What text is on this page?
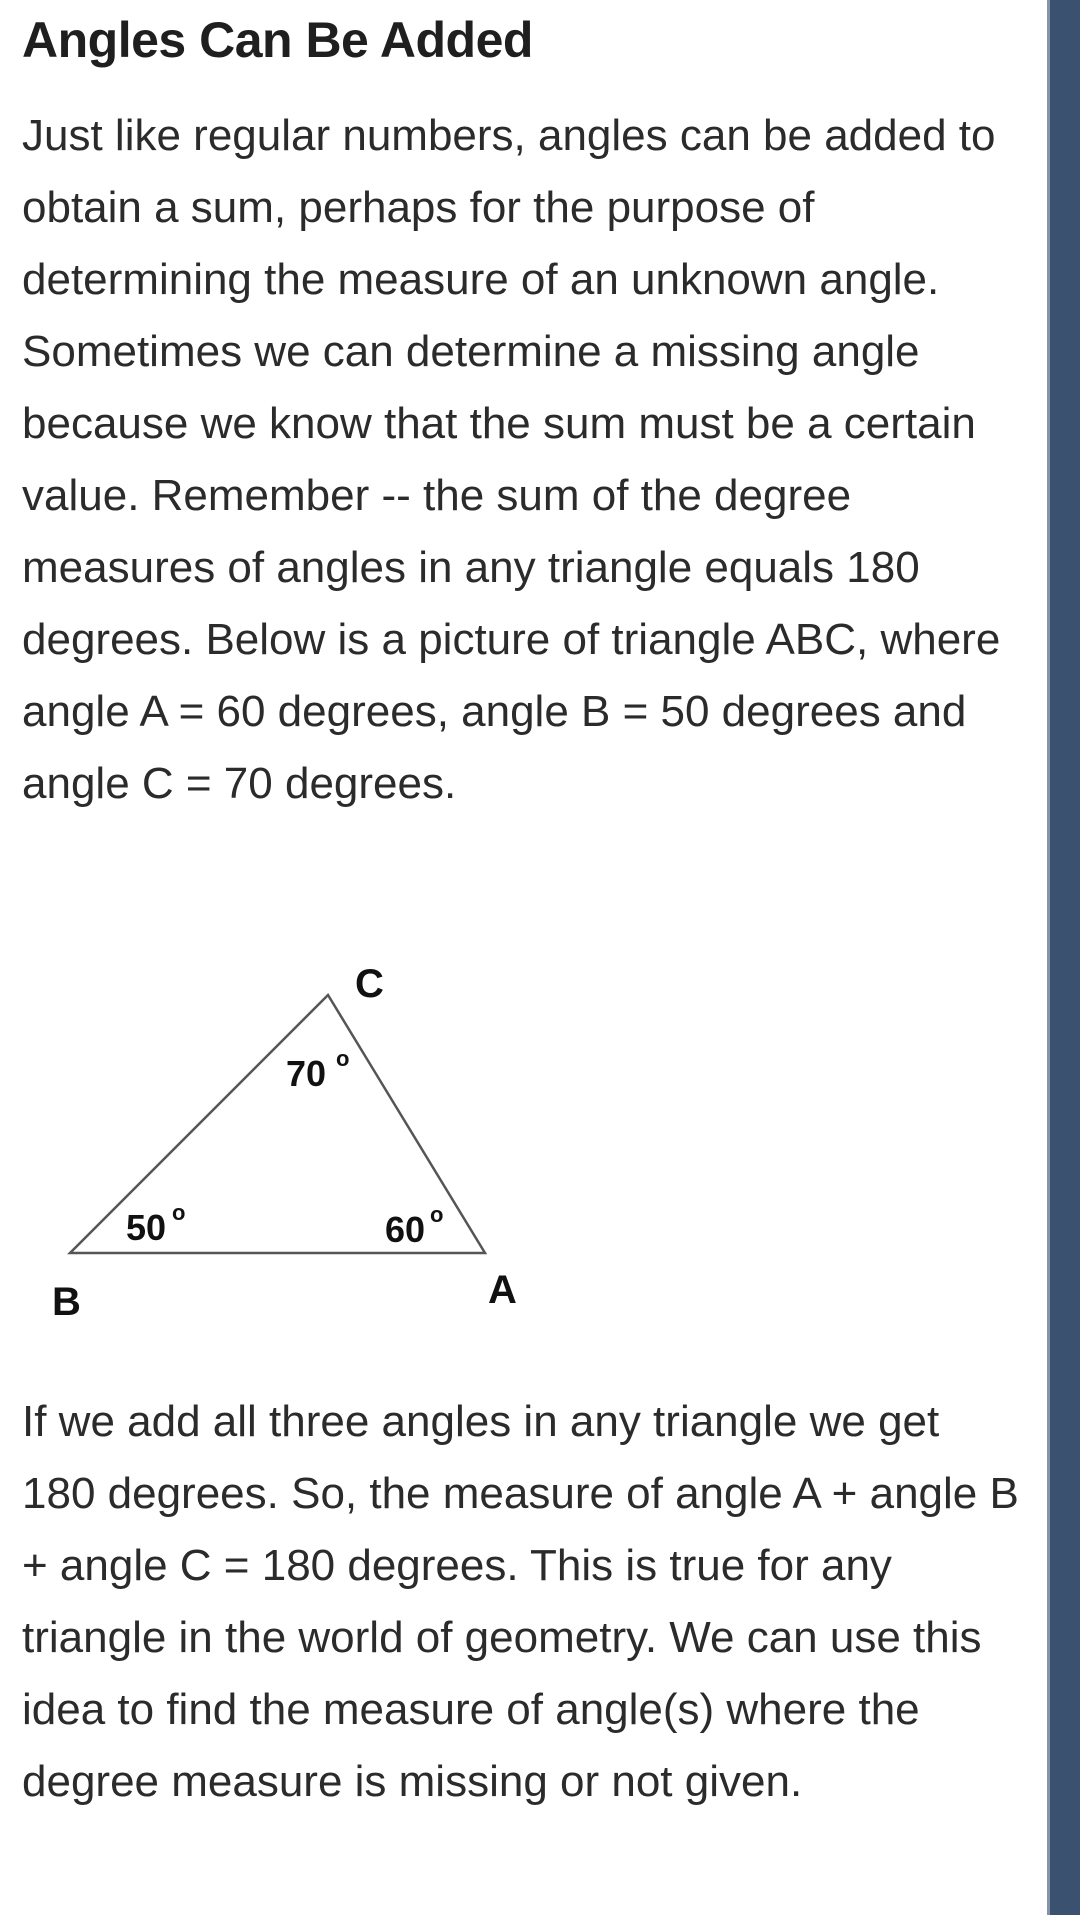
Angles Can Be Added

Just like regular numbers, angles can be added to obtain a sum, perhaps for the purpose of determining the measure of an unknown angle. Sometimes we can determine a missing angle because we know that the sum must be a certain value. Remember -- the sum of the degree measures of angles in any triangle equals 180 degrees. Below is a picture of triangle ABC, where angle A = 60 degrees, angle B = 50 degrees and angle C = 70 degrees.

C
B	A
70 o
50 o	60 o

If we add all three angles in any triangle we get 180 degrees. So, the measure of angle A + angle B + angle C = 180 degrees. This is true for any triangle in the world of geometry. We can use this idea to find the measure of angle(s) where the degree measure is missing or not given.
